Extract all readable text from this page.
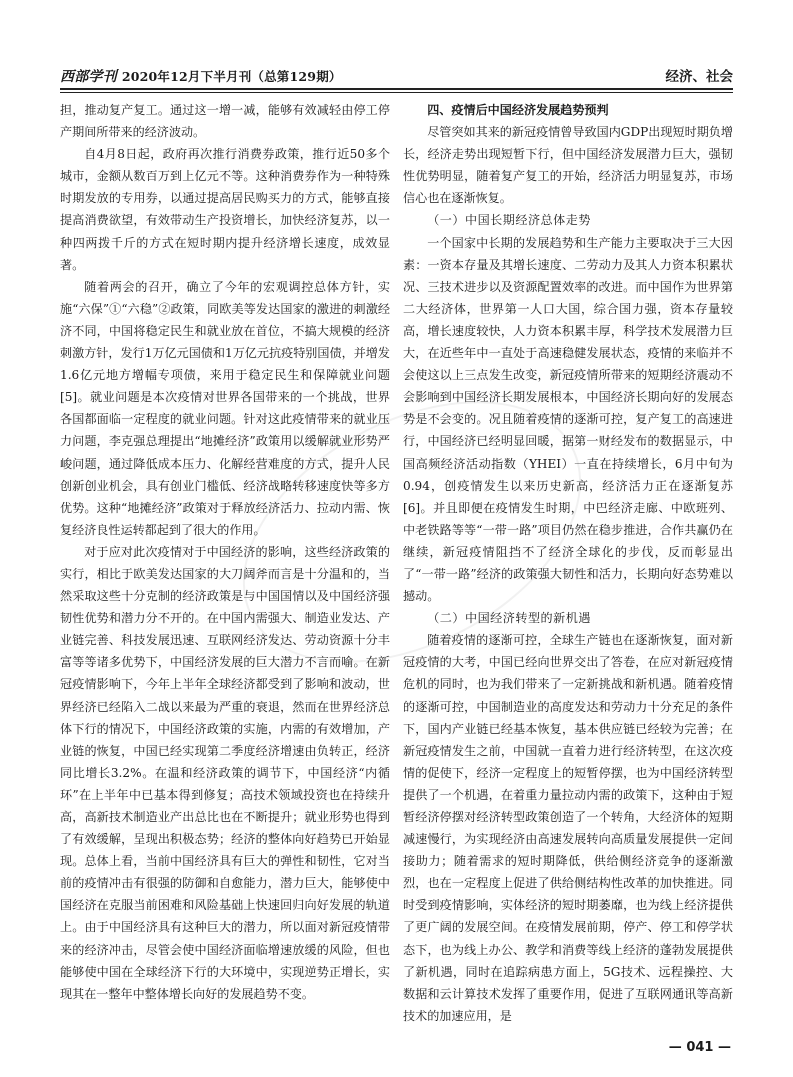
西部学刊 2020年12月下半月刊（总第129期）	经济、社会

担，推动复产复工。通过这一增一减，能够有效减轻由停工停产期间所带来的经济波动。

自4月8日起，政府再次推行消费券政策，推行近50多个城市，金额从数百万到上亿元不等。这种消费券作为一种特殊时期发放的专用券，以通过提高居民购买力的方式，能够直接提高消费欲望，有效带动生产投资增长，加快经济复苏，以一种四两拨千斤的方式在短时期内提升经济增长速度，成效显著。

随着两会的召开，确立了今年的宏观调控总体方针，实施“六保”①“六稳”②政策，同欧美等发达国家的激进的刺激经济不同，中国将稳定民生和就业放在首位，不搞大规模的经济刺激方针，发行1万亿元国债和1万亿元抗疫特别国债，并增发1.6亿元地方增幅专项债，来用于稳定民生和保障就业问题[5]。就业问题是本次疫情对世界各国带来的一个挑战，世界各国都面临一定程度的就业问题。针对这此疫情带来的就业压力问题，李克强总理提出“地摊经济”政策用以缓解就业形势严峻问题，通过降低成本压力、化解经营难度的方式，提升人民创新创业机会，具有创业门槛低、经济战略转移速度快等多方优势。这种“地摊经济”政策对于释放经济活力、拉动内需、恢复经济良性运转都起到了很大的作用。

对于应对此次疫情对于中国经济的影响，这些经济政策的实行，相比于欧美发达国家的大刀阔斧而言是十分温和的，当然采取这些十分克制的经济政策是与中国国情以及中国经济强韧性优势和潜力分不开的。在中国内需强大、制造业发达、产业链完善、科技发展迅速、互联网经济发达、劳动资源十分丰富等等诸多优势下，中国经济发展的巨大潜力不言而喻。在新冠疫情影响下，今年上半年全球经济都受到了影响和波动，世界经济已经陷入二战以来最为严重的衰退，然而在世界经济总体下行的情况下，中国经济政策的实施，内需的有效增加，产业链的恢复，中国已经实现第二季度经济增速由负转正，经济同比增长3.2%。在温和经济政策的调节下，中国经济“内循环”在上半年中已基本得到修复；高技术领域投资也在持续升高，高新技术制造业产出总比也在不断提升；就业形势也得到了有效缓解，呈现出积极态势；经济的整体向好趋势已开始显现。总体上看，当前中国经济具有巨大的弹性和韧性，它对当前的疫情冲击有很强的防御和自愈能力，潜力巨大，能够使中国经济在克服当前困难和风险基础上快速回归向好发展的轨道上。由于中国经济具有这种巨大的潜力，所以面对新冠疫情带来的经济冲击，尽管会使中国经济面临增速放缓的风险，但也能够使中国在全球经济下行的大环境中，实现逆势正增长，实现其在一整年中整体增长向好的发展趋势不变。

四、疫情后中国经济发展趋势预判

尽管突如其来的新冠疫情曾导致国内GDP出现短时期负增长，经济走势出现短暂下行，但中国经济发展潜力巨大，强韧性优势明显，随着复产复工的开始，经济活力明显复苏，市场信心也在逐渐恢复。

（一）中国长期经济总体走势

一个国家中长期的发展趋势和生产能力主要取决于三大因素：一资本存量及其增长速度、二劳动力及其人力资本积累状况、三技术进步以及资源配置效率的改进。而中国作为世界第二大经济体，世界第一人口大国，综合国力强，资本存量较高，增长速度较快，人力资本积累丰厚，科学技术发展潜力巨大，在近些年中一直处于高速稳健发展状态，疫情的来临并不会使这以上三点发生改变，新冠疫情所带来的短期经济震动不会影响到中国经济长期发展根本，中国经济长期向好的发展态势是不会变的。况且随着疫情的逐渐可控，复产复工的高速进行，中国经济已经明显回暖，据第一财经发布的数据显示，中国高频经济活动指数（YHEI）一直在持续增长，6月中旬为0.94，创疫情发生以来历史新高，经济活力正在逐渐复苏[6]。并且即便在疫情发生时期，中巴经济走廊、中欧班列、中老铁路等等“一带一路”项目仍然在稳步推进，合作共赢仍在继续，新冠疫情阻挡不了经济全球化的步伐，反而彰显出了“一带一路”经济的政策强大韧性和活力，长期向好态势难以撼动。

（二）中国经济转型的新机遇

随着疫情的逐渐可控，全球生产链也在逐渐恢复，面对新冠疫情的大考，中国已经向世界交出了答卷，在应对新冠疫情危机的同时，也为我们带来了一定新挑战和新机遇。随着疫情的逐渐可控，中国制造业的高度发达和劳动力十分充足的条件下，国内产业链已经基本恢复，基本供应链已经较为完善；在新冠疫情发生之前，中国就一直着力进行经济转型，在这次疫情的促使下，经济一定程度上的短暂停摆，也为中国经济转型提供了一个机遇，在着重力量拉动内需的政策下，这种由于短暂经济停摆对经济转型政策创造了一个转角，大经济体的短期减速慢行，为实现经济由高速发展转向高质量发展提供一定间接助力；随着需求的短时期降低，供给侧经济竞争的逐渐激烈，也在一定程度上促进了供给侧结构性改革的加快推进。同时受到疫情影响，实体经济的短时期萎靡，也为线上经济提供了更广阔的发展空间。在疫情发展前期，停产、停工和停学状态下，也为线上办公、教学和消费等线上经济的蓬勃发展提供了新机遇，同时在追踪病患方面上，5G技术、远程操控、大数据和云计算技术发挥了重要作用，促进了互联网通讯等高新技术的加速应用，是

— 041 —
